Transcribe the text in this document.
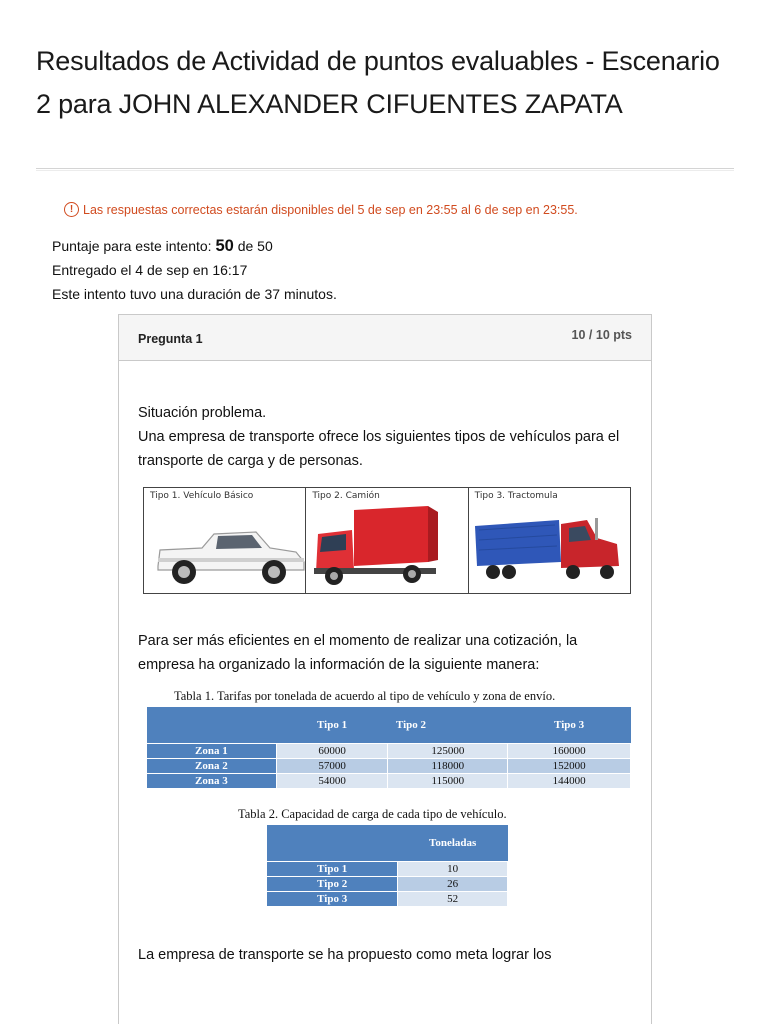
Resultados de Actividad de puntos evaluables - Escenario 2 para JOHN ALEXANDER CIFUENTES ZAPATA
! Las respuestas correctas estarán disponibles del 5 de sep en 23:55 al 6 de sep en 23:55.
Puntaje para este intento: 50 de 50
Entregado el 4 de sep en 16:17
Este intento tuvo una duración de 37 minutos.
Pregunta 1	10 / 10 pts
Situación problema.
Una empresa de transporte ofrece los siguientes tipos de vehículos para el transporte de carga y de personas.
Tipo 1. Vehículo Básico	Tipo 2. Camión	Tipo 3. Tractomula
Para ser más eficientes en el momento de realizar una cotización, la empresa ha organizado la información de la siguiente manera:
Tabla 1. Tarifas por tonelada de acuerdo al tipo de vehículo y zona de envío.
	Tipo 1	Tipo 2	Tipo 3
Zona 1	60000	125000	160000
Zona 2	57000	118000	152000
Zona 3	54000	115000	144000
Tabla 2. Capacidad de carga de cada tipo de vehículo.
	Toneladas
Tipo 1	10
Tipo 2	26
Tipo 3	52
La empresa de transporte se ha propuesto como meta lograr los
